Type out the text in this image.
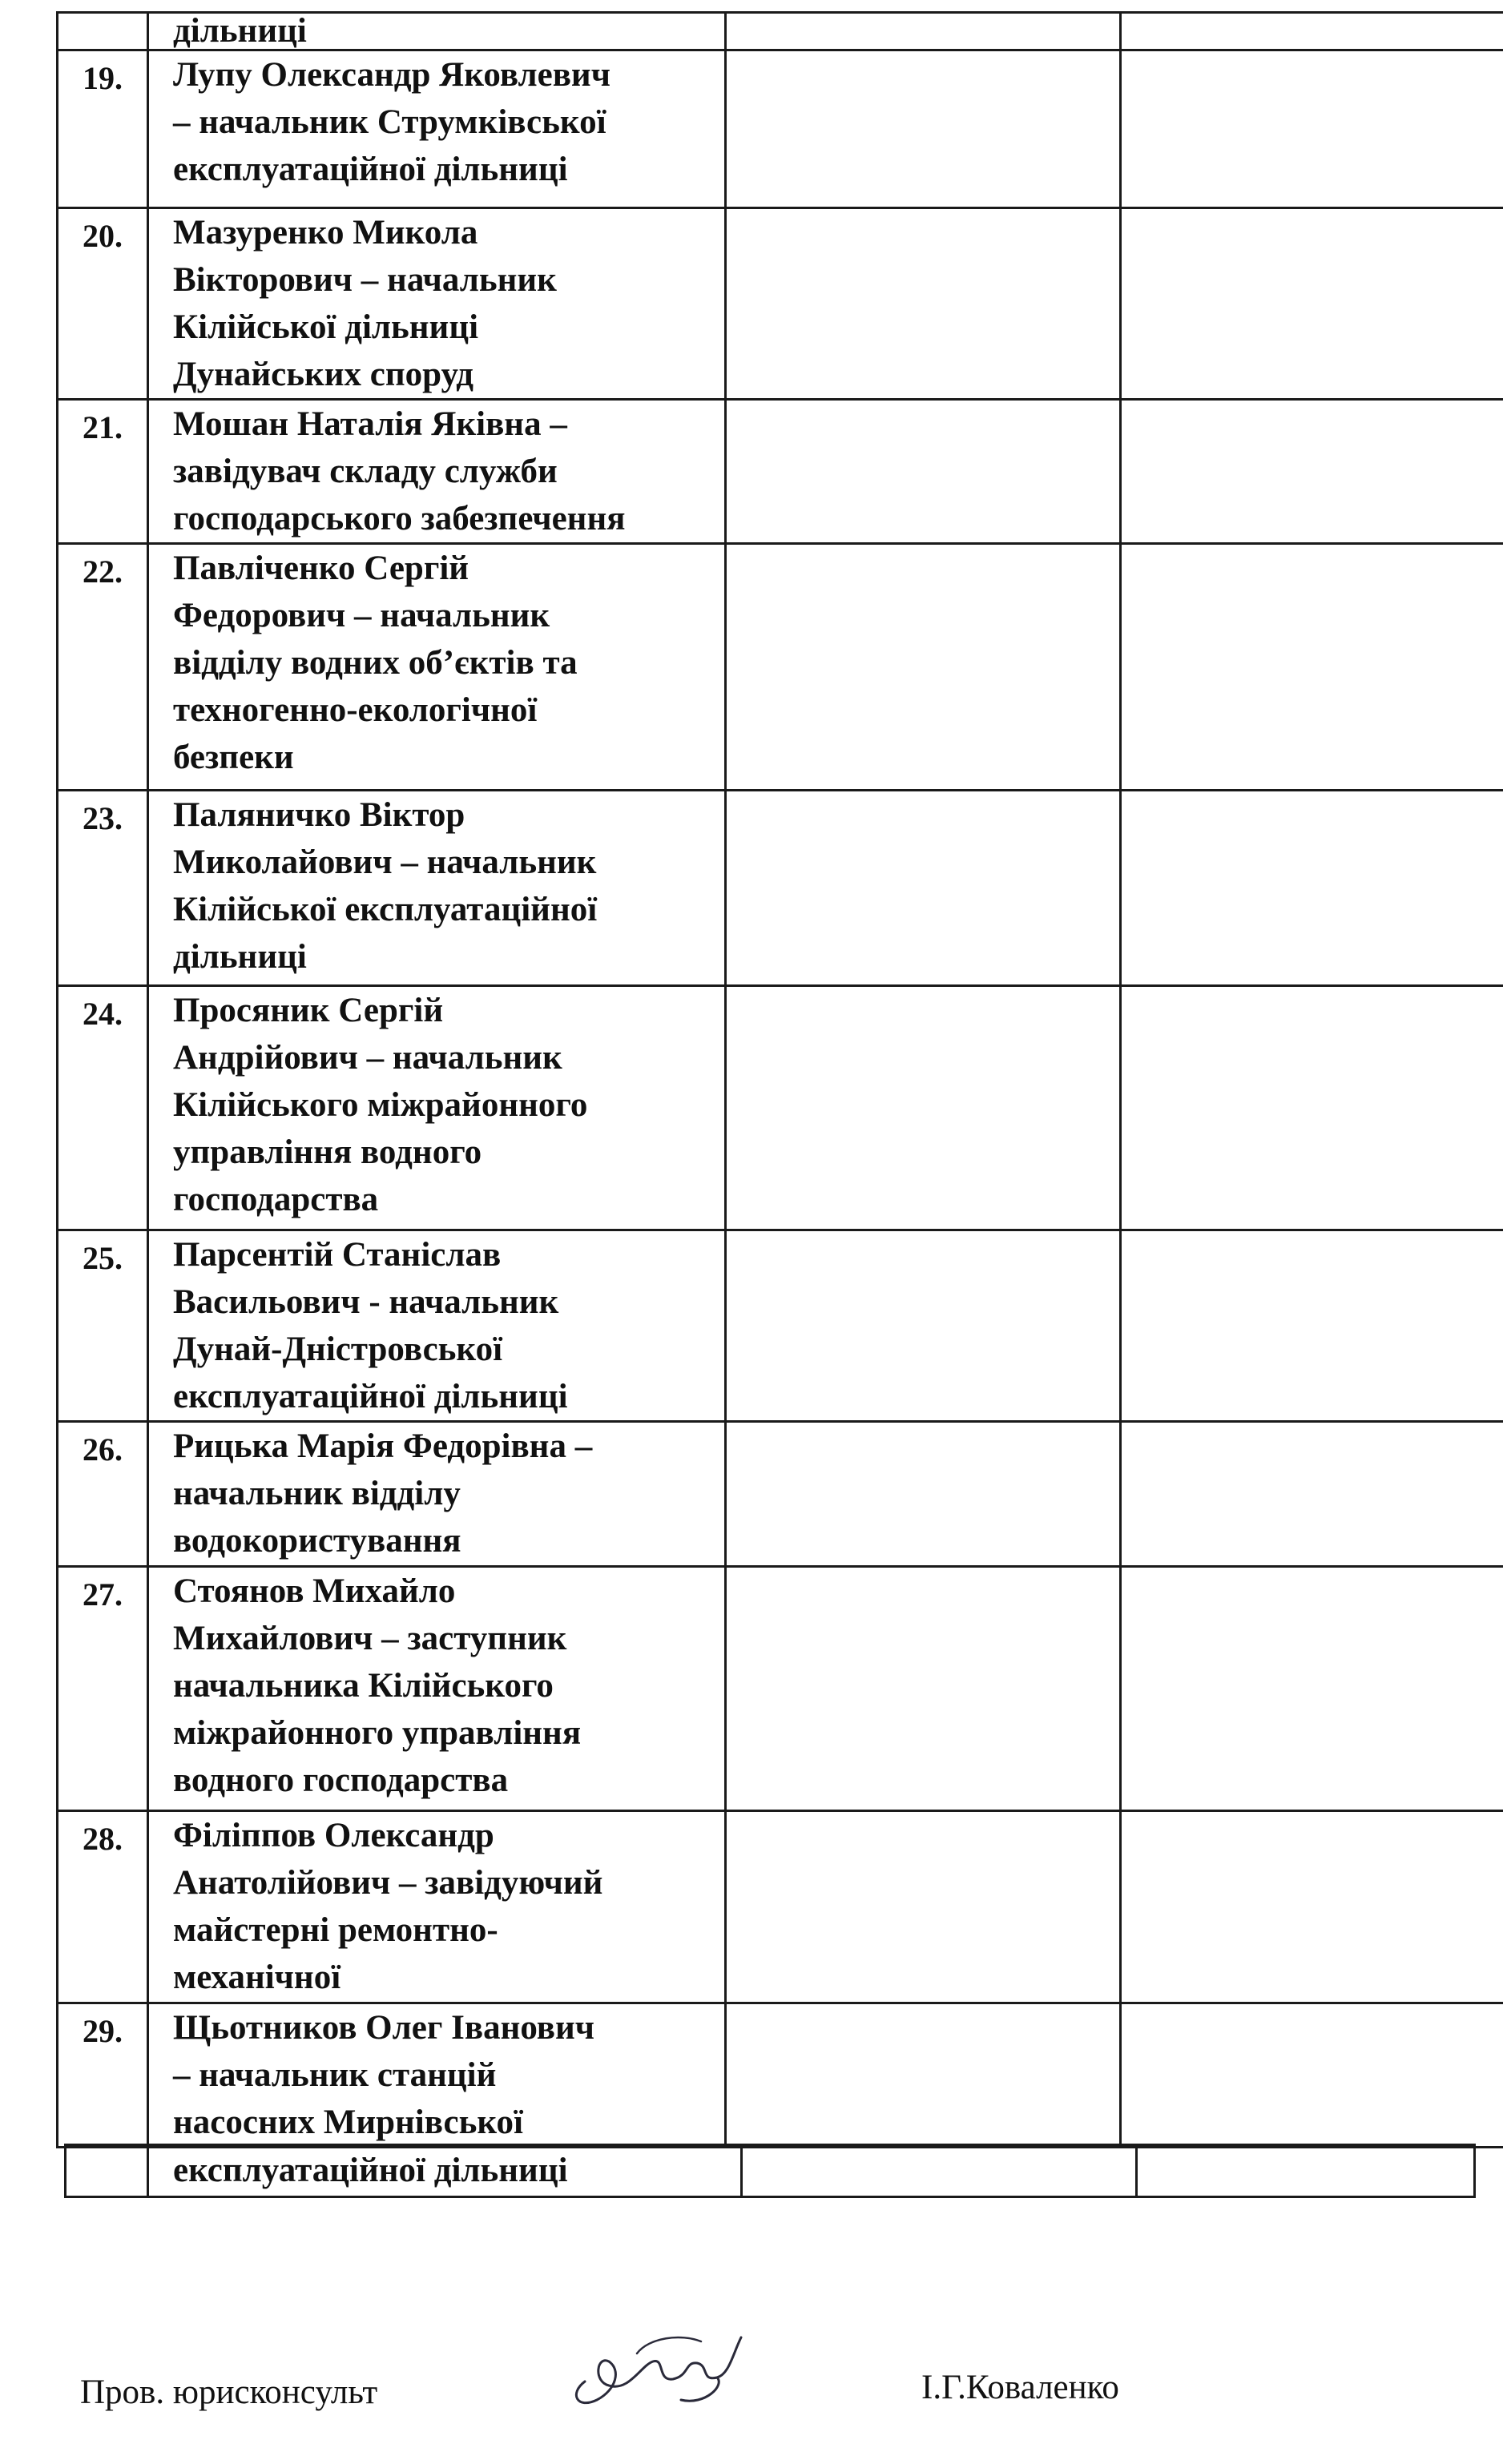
	дільниці		
19.	Лупу Олександр Яковлевич
– начальник Струмківської
експлуатаційної дільниці		
20.	Мазуренко Микола
Вікторович – начальник
Кілійської дільниці
Дунайських споруд		
21.	Мошан Наталія Яківна –
завідувач складу служби
господарського забезпечення		
22.	Павліченко Сергій
Федорович – начальник
відділу водних об’єктів та
техногенно-екологічної
безпеки		
23.	Паляничко Віктор
Миколайович – начальник
Кілійської експлуатаційної
дільниці		
24.	Просяник Сергій
Андрійович – начальник
Кілійського міжрайонного
управління водного
господарства		
25.	Парсентій Станіслав
Васильович - начальник
Дунай-Дністровської
експлуатаційної дільниці		
26.	Рицька Марія Федорівна –
начальник відділу
водокористування		
27.	Стоянов Михайло
Михайлович – заступник
начальника Кілійського
міжрайонного управління
водного господарства		
28.	Філіппов Олександр
Анатолійович – завідуючий
майстерні ремонтно-
механічної		
29.	Щьотников Олег Іванович
– начальник станцій
насосних Мирнівської		
	експлуатаційної дільниці		
Пров. юрисконсульт	І.Г.Коваленко
